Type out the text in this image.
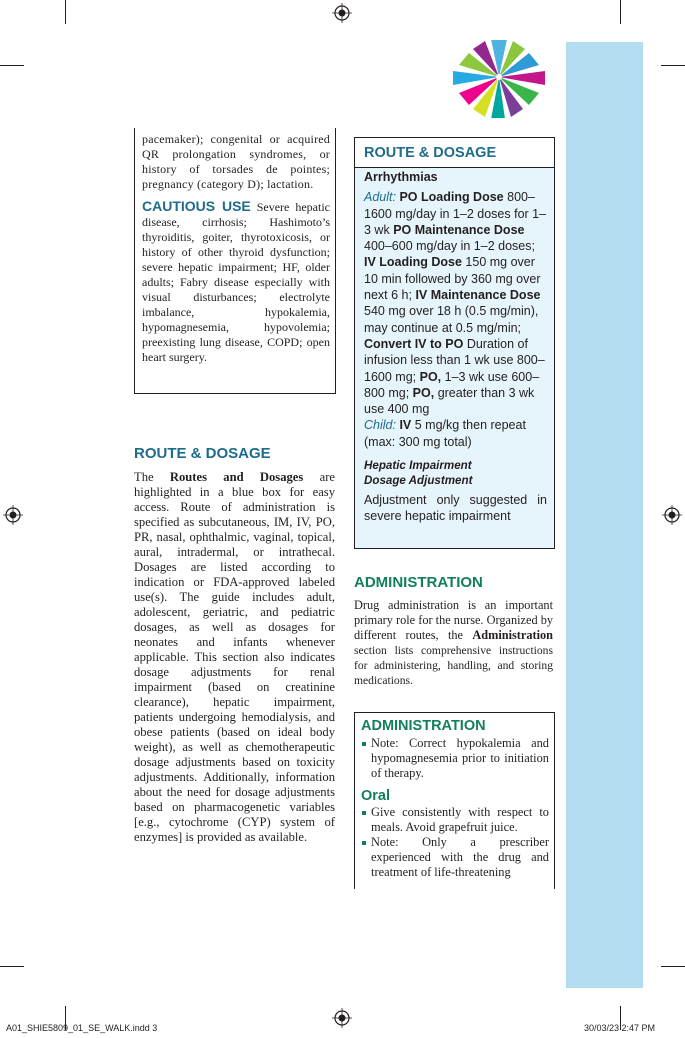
pacemaker); congenital or acquired QR prolongation syndromes, or history of torsades de pointes; pregnancy (category D); lactation.

CAUTIOUS USE Severe hepatic disease, cirrhosis; Hashimoto’s thyroiditis, goiter, thyrotoxicosis, or history of other thyroid dysfunction; severe hepatic impairment; HF, older adults; Fabry disease especially with visual disturbances; electrolyte imbalance, hypokalemia, hypomagnesemia, hypovolemia; preexisting lung disease, COPD; open heart surgery.

ROUTE & DOSAGE
The Routes and Dosages are highlighted in a blue box for easy access. Route of administration is specified as subcutaneous, IM, IV, PO, PR, nasal, ophthalmic, vaginal, topical, aural, intradermal, or intrathecal. Dosages are listed according to indication or FDA-approved labeled use(s). The guide includes adult, adolescent, geriatric, and pediatric dosages, as well as dosages for neonates and infants whenever applicable. This section also indicates dosage adjustments for renal impairment (based on creatinine clearance), hepatic impairment, patients undergoing hemodialysis, and obese patients (based on ideal body weight), as well as chemotherapeutic dosage adjustments based on toxicity adjustments. Additionally, information about the need for dosage adjustments based on pharmacogenetic variables [e.g., cytochrome (CYP) system of enzymes] is provided as available.
ROUTE & DOSAGE

Arrhythmias

Adult: PO Loading Dose 800–1600 mg/day in 1–2 doses for 1–3 wk PO Maintenance Dose 400–600 mg/day in 1–2 doses; IV Loading Dose 150 mg over 10 min followed by 360 mg over next 6 h; IV Maintenance Dose 540 mg over 18 h (0.5 mg/min), may continue at 0.5 mg/min; Convert IV to PO Duration of infusion less than 1 wk use 800–1600 mg; PO, 1–3 wk use 600–800 mg; PO, greater than 3 wk use 400 mg

Child: IV 5 mg/kg then repeat (max: 300 mg total)

Hepatic Impairment
Dosage Adjustment

Adjustment only suggested in severe hepatic impairment

ADMINISTRATION
Drug administration is an important primary role for the nurse. Organized by different routes, the Administration section lists comprehensive instructions for administering, handling, and storing medications.
ADMINISTRATION

Note: Correct hypokalemia and hypomagnesemia prior to initiation of therapy.

Oral

Give consistently with respect to meals. Avoid grapefruit juice.

Note: Only a prescriber experienced with the drug and treatment of life-threatening

A01_SHIE5809_01_SE_WALK.indd 3	30/03/23 2:47 PM
